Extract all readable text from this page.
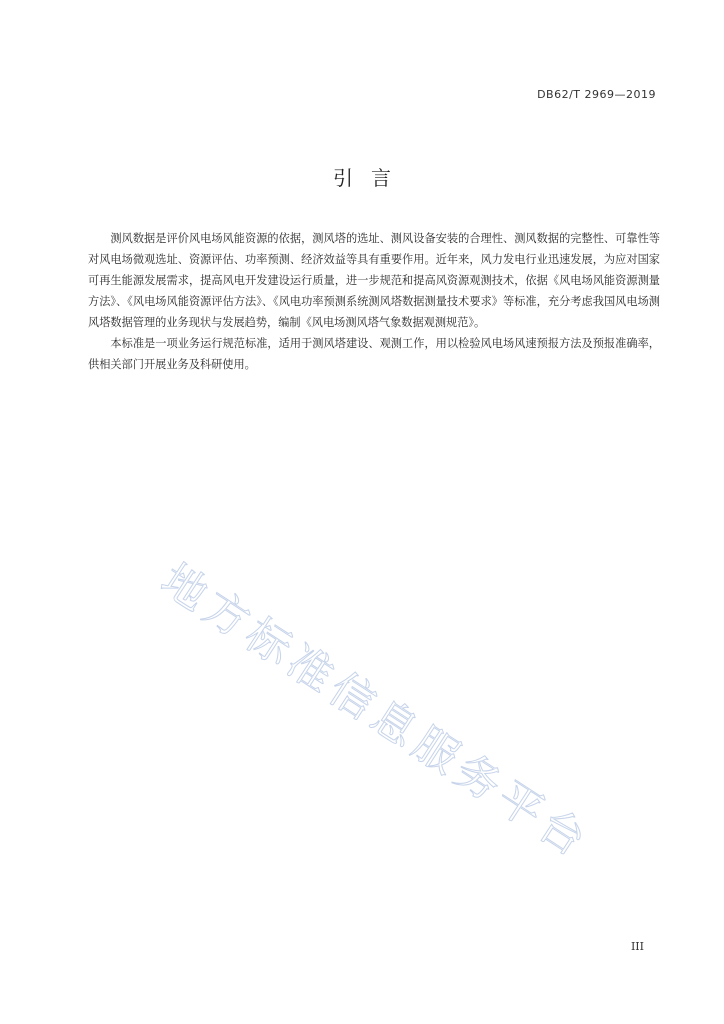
DB62/T 2969—2019
引言

测风数据是评价风电场风能资源的依据，测风塔的选址、测风设备安装的合理性、测风数据的完整性、可靠性等对风电场微观选址、资源评估、功率预测、经济效益等具有重要作用。近年来，风力发电行业迅速发展，为应对国家可再生能源发展需求，提高风电开发建设运行质量，进一步规范和提高风资源观测技术，依据《风电场风能资源测量方法》、《风电场风能资源评估方法》、《风电功率预测系统测风塔数据测量技术要求》等标准，充分考虑我国风电场测风塔数据管理的业务现状与发展趋势，编制《风电场测风塔气象数据观测规范》。

本标准是一项业务运行规范标准，适用于测风塔建设、观测工作，用以检验风电场风速预报方法及预报准确率，供相关部门开展业务及科研使用。

地方标准信息服务平台
III
